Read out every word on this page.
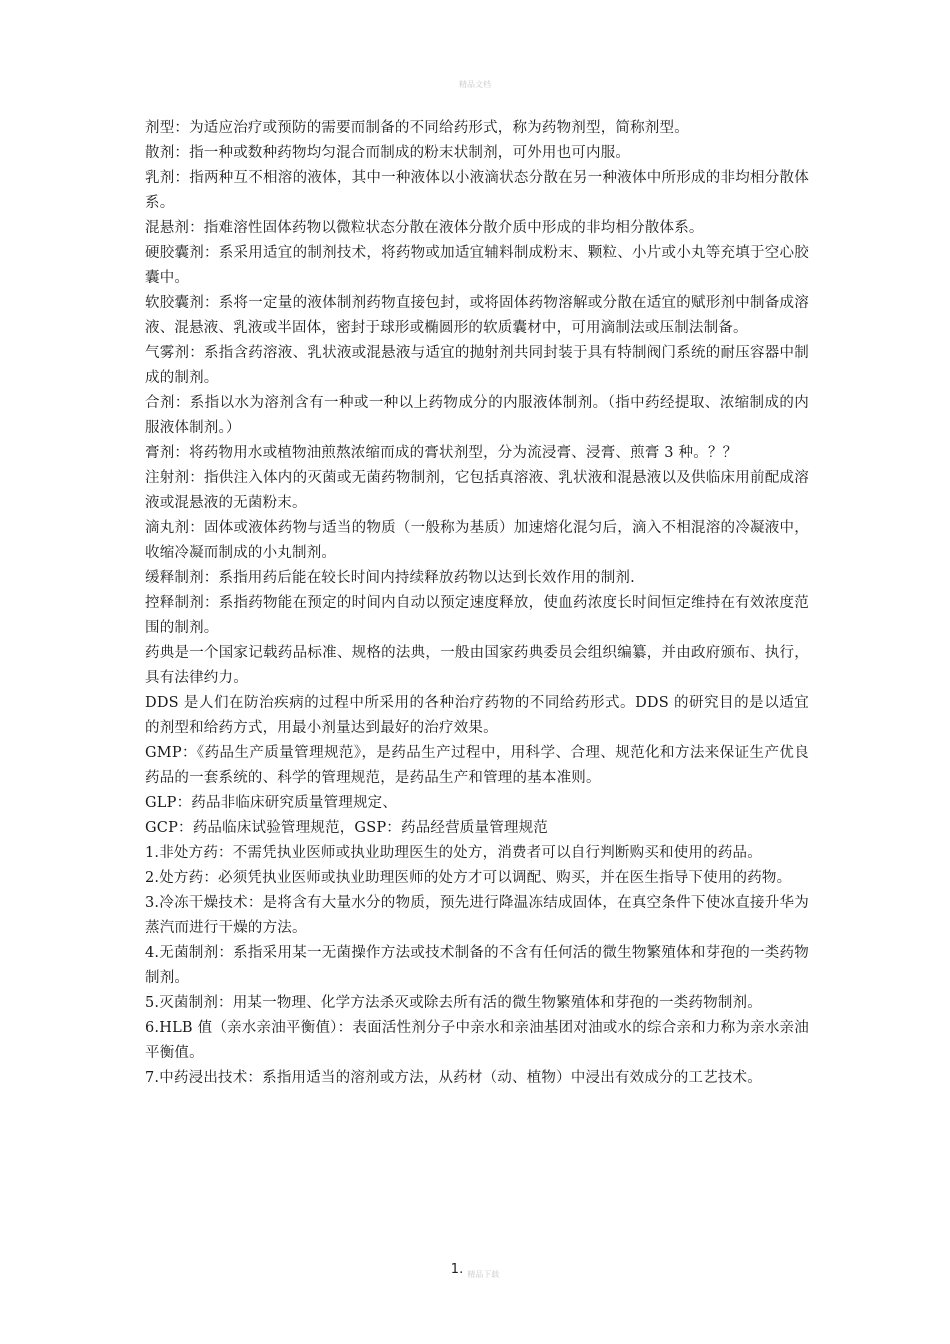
精品文档

剂型：为适应治疗或预防的需要而制备的不同给药形式，称为药物剂型，简称剂型。

散剂：指一种或数种药物均匀混合而制成的粉末状制剂，可外用也可内服。

乳剂：指两种互不相溶的液体，其中一种液体以小液滴状态分散在另一种液体中所形成的非均相分散体系。

混悬剂：指难溶性固体药物以微粒状态分散在液体分散介质中形成的非均相分散体系。

硬胶囊剂：系采用适宜的制剂技术，将药物或加适宜辅料制成粉末、颗粒、小片或小丸等充填于空心胶囊中。

软胶囊剂：系将一定量的液体制剂药物直接包封，或将固体药物溶解或分散在适宜的赋形剂中制备成溶液、混悬液、乳液或半固体，密封于球形或椭圆形的软质囊材中，可用滴制法或压制法制备。

气雾剂：系指含药溶液、乳状液或混悬液与适宜的抛射剂共同封装于具有特制阀门系统的耐压容器中制成的制剂。

合剂：系指以水为溶剂含有一种或一种以上药物成分的内服液体制剂。（指中药经提取、浓缩制成的内服液体制剂。）

膏剂：将药物用水或植物油煎熬浓缩而成的膏状剂型，分为流浸膏、浸膏、煎膏 3 种。？？

注射剂：指供注入体内的灭菌或无菌药物制剂，它包括真溶液、乳状液和混悬液以及供临床用前配成溶液或混悬液的无菌粉末。

滴丸剂：固体或液体药物与适当的物质（一般称为基质）加速熔化混匀后，滴入不相混溶的冷凝液中，收缩冷凝而制成的小丸制剂。

缓释制剂：系指用药后能在较长时间内持续释放药物以达到长效作用的制剂.

控释制剂：系指药物能在预定的时间内自动以预定速度释放，使血药浓度长时间恒定维持在有效浓度范围的制剂。

药典是一个国家记载药品标准、规格的法典，一般由国家药典委员会组织编纂，并由政府颁布、执行，具有法律约力。

DDS 是人们在防治疾病的过程中所采用的各种治疗药物的不同给药形式。DDS 的研究目的是以适宜的剂型和给药方式，用最小剂量达到最好的治疗效果。

GMP：《药品生产质量管理规范》，是药品生产过程中，用科学、合理、规范化和方法来保证生产优良药品的一套系统的、科学的管理规范，是药品生产和管理的基本准则。

GLP：药品非临床研究质量管理规定、

GCP：药品临床试验管理规范，GSP：药品经营质量管理规范

1.非处方药：不需凭执业医师或执业助理医生的处方，消费者可以自行判断购买和使用的药品。

2.处方药：必须凭执业医师或执业助理医师的处方才可以调配、购买，并在医生指导下使用的药物。

3.冷冻干燥技术：是将含有大量水分的物质，预先进行降温冻结成固体，在真空条件下使冰直接升华为蒸汽而进行干燥的方法。

4.无菌制剂：系指采用某一无菌操作方法或技术制备的不含有任何活的微生物繁殖体和芽孢的一类药物制剂。

5.灭菌制剂：用某一物理、化学方法杀灭或除去所有活的微生物繁殖体和芽孢的一类药物制剂。

6.HLB 值（亲水亲油平衡值）：表面活性剂分子中亲水和亲油基团对油或水的综合亲和力称为亲水亲油平衡值。

7.中药浸出技术：系指用适当的溶剂或方法，从药材（动、植物）中浸出有效成分的工艺技术。

1. $_{精品下载}$
